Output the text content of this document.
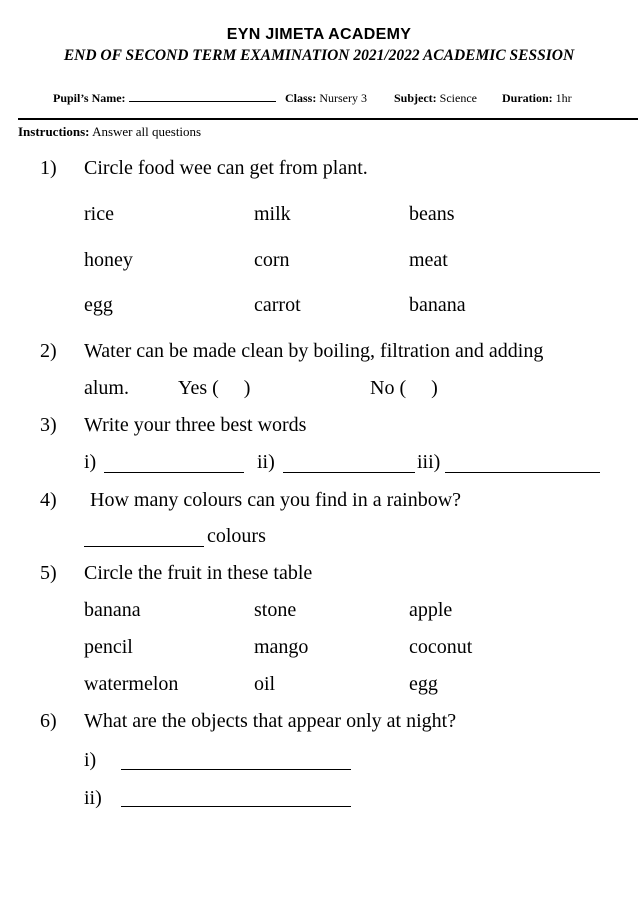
EYN JIMETA ACADEMY
END OF SECOND TERM EXAMINATION 2021/2022 ACADEMIC SESSION
Pupil’s Name:	Class: Nursery 3 Subject: Science Duration: 1hr
Instructions: Answer all questions
1) Circle food wee can get from plant.
rice	milk	beans
honey	corn	meat
egg	carrot	banana
2) Water can be made clean by boiling, filtration and adding
alum. Yes (     )	No (     )
3) Write your three best words
i)	ii)	iii)
4) How many colours can you find in a rainbow?
colours
5) Circle the fruit in these table
banana	stone	apple
pencil	mango	coconut
watermelon	oil	egg
6) What are the objects that appear only at night?
i)
ii)
